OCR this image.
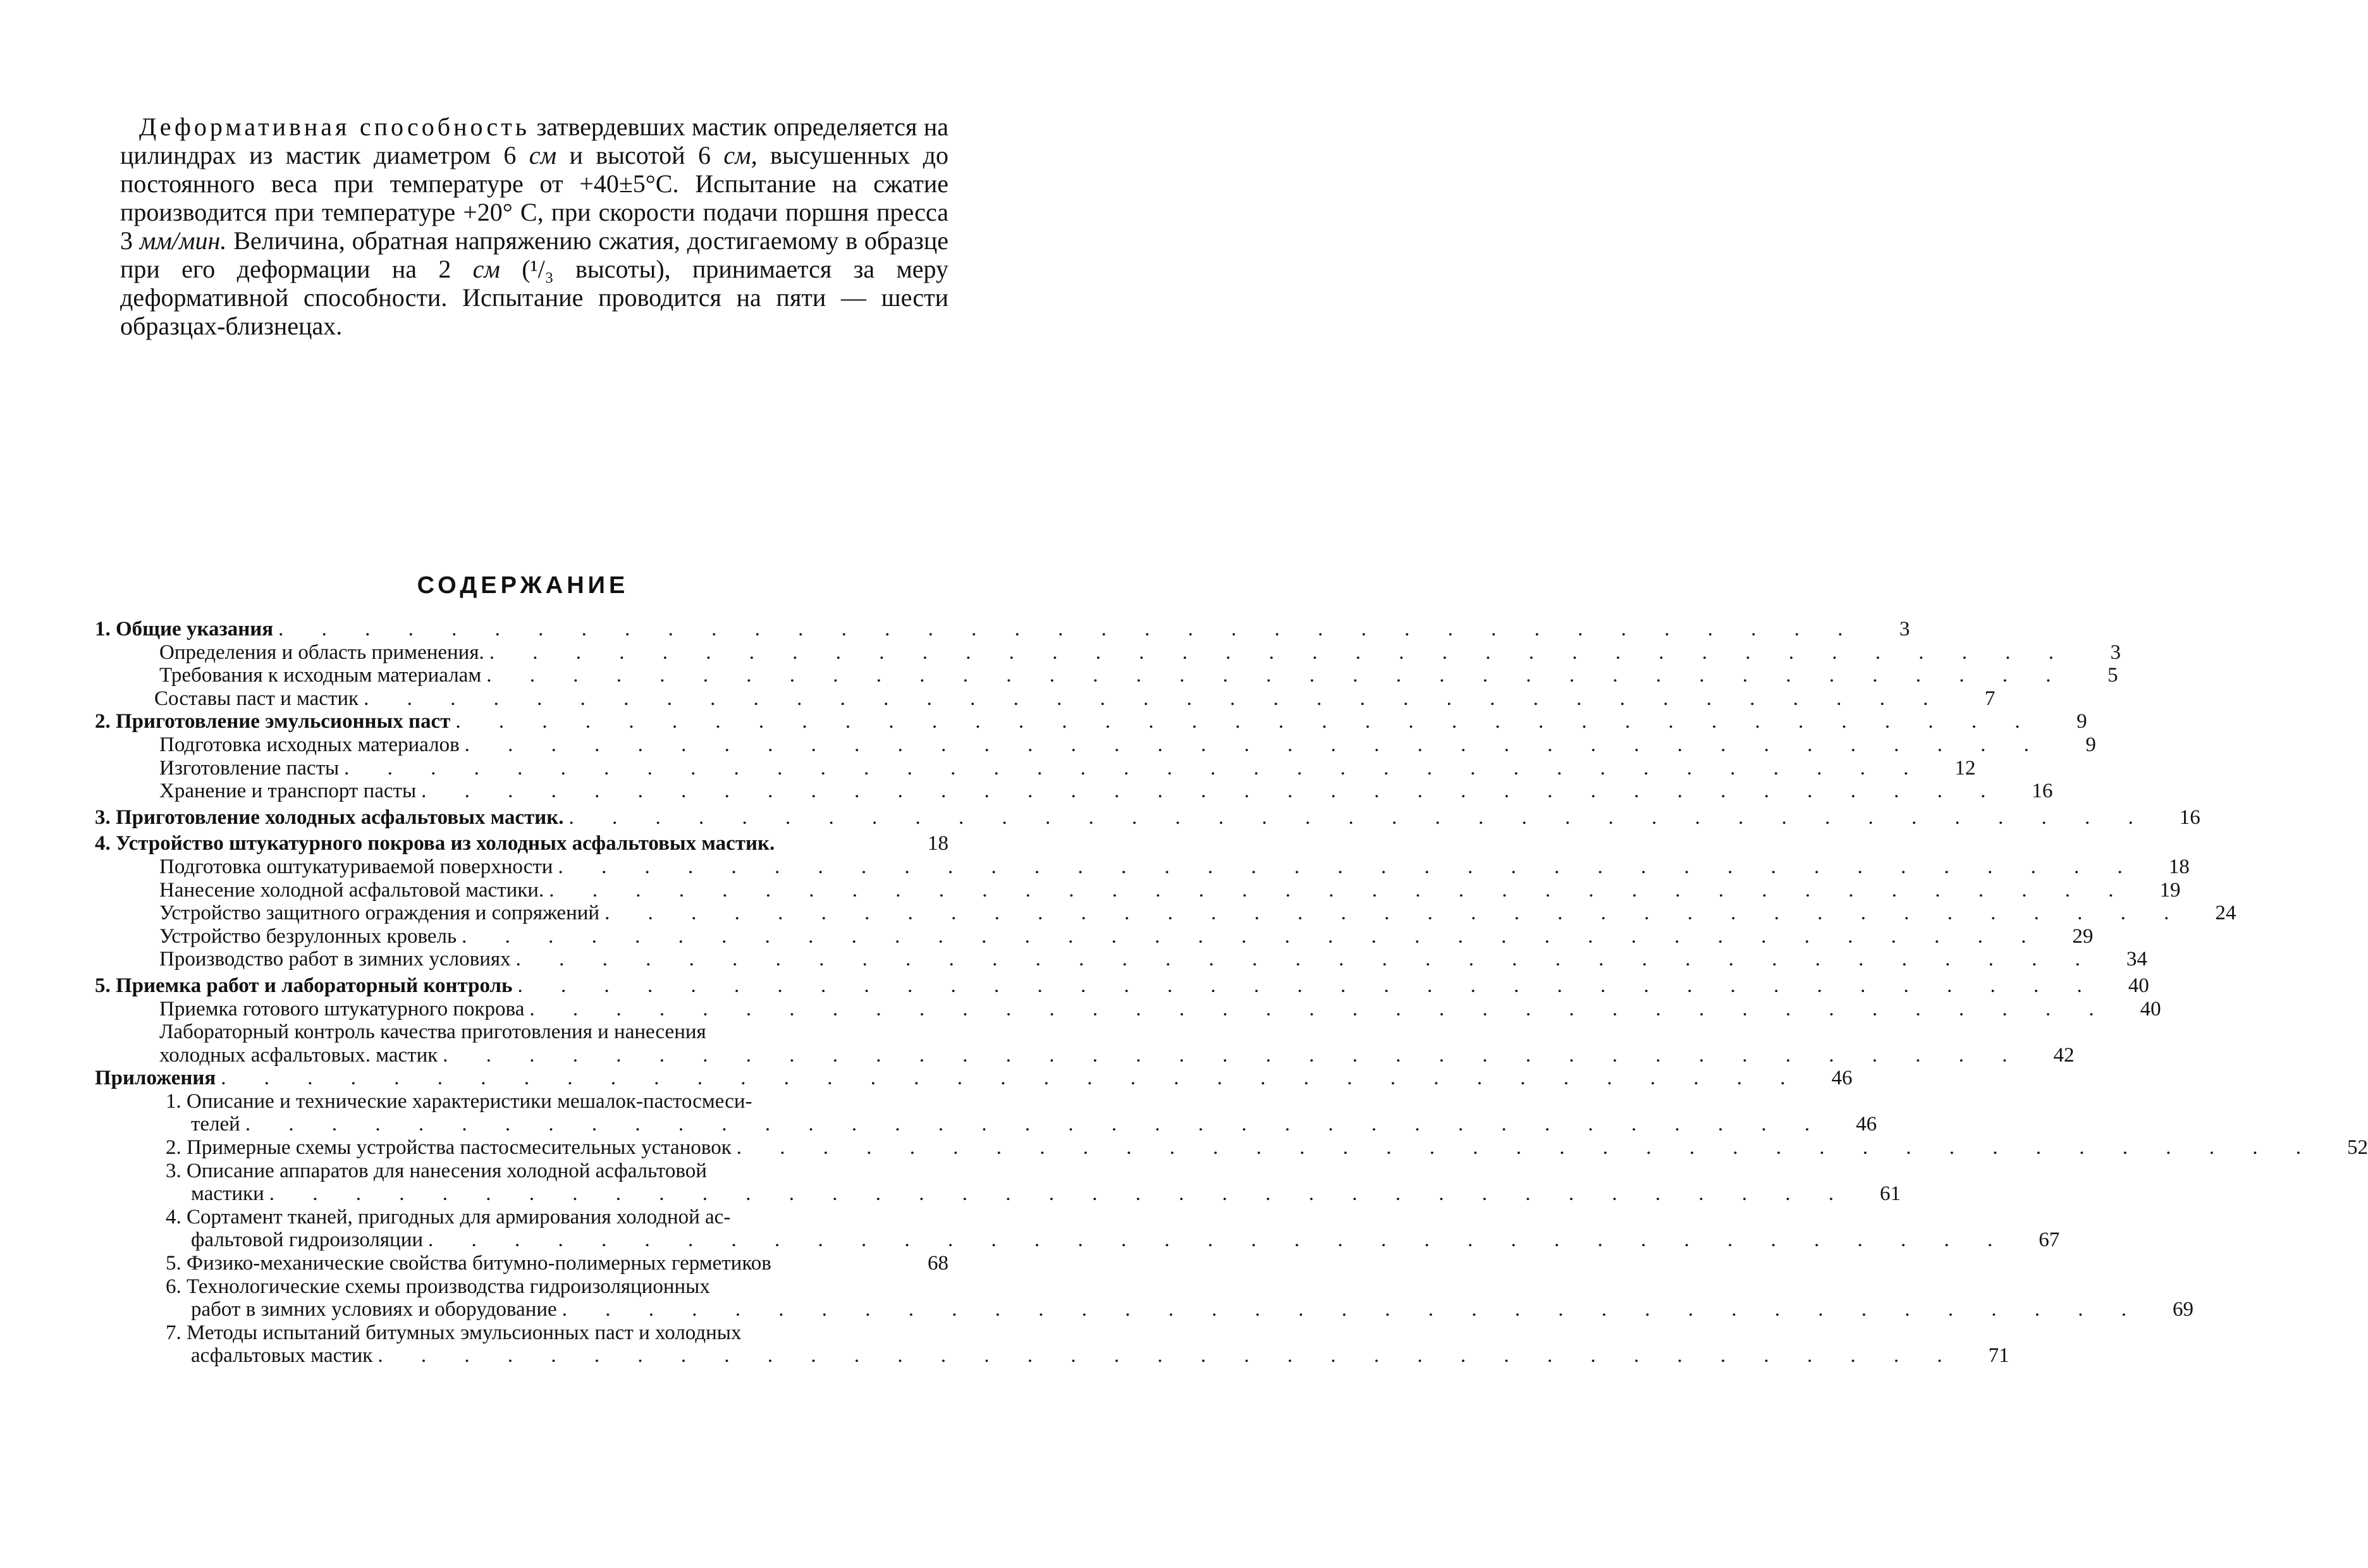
Деформативная способность затвердевших мастик определяется на цилиндрах из мастик диаметром 6 см и высотой 6 см, высушенных до постоянного веса при температуре от +40±5°C. Испытание на сжатие производится при температуре +20° C, при скорости подачи поршня пресса 3 мм/мин. Величина, обратная напряжению сжатия, достигаемому в образце при его деформации на 2 см (¹/₃ высоты), принимается за меру деформативной способности. Испытание проводится на пяти — шести образцах-близнецах.

СОДЕРЖАНИЕ
1. Общие указания . . . . . . . . . . . . . . . . . . . . . . . . . . . . . . . . . . . . .	3
Определения и область применения. . . . . . . . . . . . . . . . . . . . . . . . . . . . . . . . . . . . . .	3
Требования к исходным материалам . . . . . . . . . . . . . . . . . . . . . . . . . . . . . . . . . . . . .	5
Составы паст и мастик . . . . . . . . . . . . . . . . . . . . . . . . . . . . . . . . . . . . .	7
2. Приготовление эмульсионных паст . . . . . . . . . . . . . . . . . . . . . . . . . . . . . . . . . . . . .	9
Подготовка исходных материалов . . . . . . . . . . . . . . . . . . . . . . . . . . . . . . . . . . . . .	9
Изготовление пасты . . . . . . . . . . . . . . . . . . . . . . . . . . . . . . . . . . . . .	12
Хранение и транспорт пасты . . . . . . . . . . . . . . . . . . . . . . . . . . . . . . . . . . . . .	16
3. Приготовление холодных асфальтовых мастик. . . . . . . . . . . . . . . . . . . . . . . . . . . . . . . . . . . . . .	16
4. Устройство штукатурного покрова из холодных асфальтовых мастик.	18
Подготовка оштукатуриваемой поверхности . . . . . . . . . . . . . . . . . . . . . . . . . . . . . . . . . . . . .	18
Нанесение холодной асфальтовой мастики. . . . . . . . . . . . . . . . . . . . . . . . . . . . . . . . . . . . . .	19
Устройство защитного ограждения и сопряжений . . . . . . . . . . . . . . . . . . . . . . . . . . . . . . . . . . . . .	24
Устройство безрулонных кровель . . . . . . . . . . . . . . . . . . . . . . . . . . . . . . . . . . . . .	29
Производство работ в зимних условиях . . . . . . . . . . . . . . . . . . . . . . . . . . . . . . . . . . . . .	34
5. Приемка работ и лабораторный контроль . . . . . . . . . . . . . . . . . . . . . . . . . . . . . . . . . . . . .	40
Приемка готового штукатурного покрова . . . . . . . . . . . . . . . . . . . . . . . . . . . . . . . . . . . . .	40
Лабораторный контроль качества приготовления и нанесения
холодных асфальтовых. мастик . . . . . . . . . . . . . . . . . . . . . . . . . . . . . . . . . . . . .	42
Приложения . . . . . . . . . . . . . . . . . . . . . . . . . . . . . . . . . . . . .	46
1. Описание и технические характеристики мешалок-пастосмеси-
телей . . . . . . . . . . . . . . . . . . . . . . . . . . . . . . . . . . . . .	46
2. Примерные схемы устройства пастосмесительных установок . . . . . . . . . . . . . . . . . . . . . . . . . . . . . . . . . . . . .	52
3. Описание аппаратов для нанесения холодной асфальтовой
мастики . . . . . . . . . . . . . . . . . . . . . . . . . . . . . . . . . . . . .	61
4. Сортамент тканей, пригодных для армирования холодной ас-
фальтовой гидроизоляции . . . . . . . . . . . . . . . . . . . . . . . . . . . . . . . . . . . . .	67
5. Физико-механические свойства битумно-полимерных герметиков	68
6. Технологические схемы производства гидроизоляционных
работ в зимних условиях и оборудование . . . . . . . . . . . . . . . . . . . . . . . . . . . . . . . . . . . . .	69
7. Методы испытаний битумных эмульсионных паст и холодных
асфальтовых мастик . . . . . . . . . . . . . . . . . . . . . . . . . . . . . . . . . . . . .	71
